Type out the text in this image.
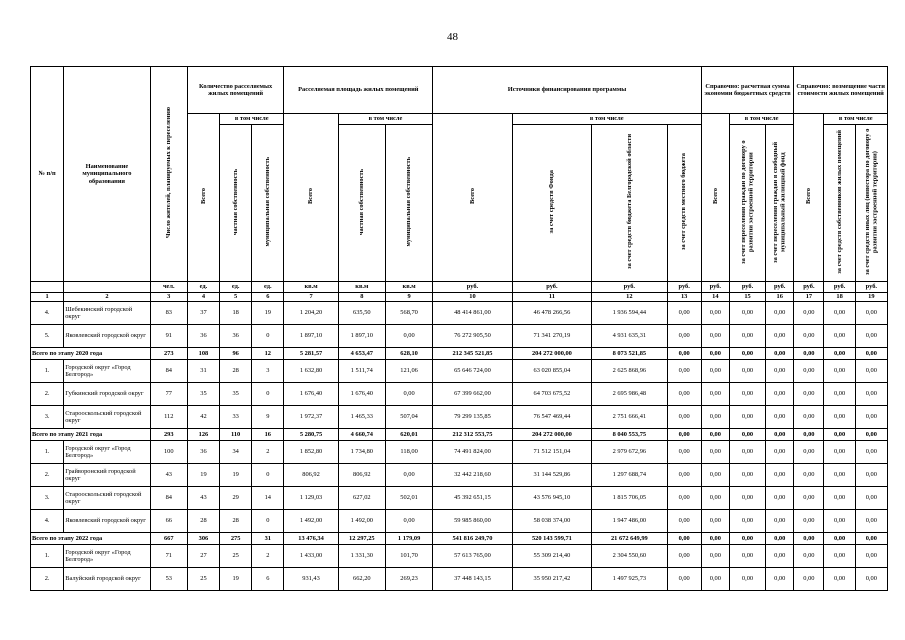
48
№ п/п	Наименование муниципального образования	Число жителей, планируемых к переселению	Количество расселяемых жилых помещений			Расселяемая площадь жилых помещений			Источники финансирования программы				Справочно: расчетная сумма экономии бюджетных средств			Справочно: возмещение части стоимости жилых помещений		
			Всего	в том числе		Всего	в том числе		Всего	в том числе			Всего	в том числе		Всего	в том числе	
				частная собственность	муниципальная собственность		частная собственность	муниципальная собственность		за счет средств Фонда	за счет средств бюджета Белгородской области	за счет средств местного бюджета		за счет переселения граждан по договору о развитии застроенной территории	за счет переселения граждан в свободный муниципальный жилищный фонд		за счет средств собственников жилых помещений	за счет средств иных лиц (инвестора по договору о развитии застроенной территории)
		чел.	ед.	ед.	ед.	кв.м	кв.м	кв.м	руб.	руб.	руб.	руб.	руб.	руб.	руб.	руб.	руб.	руб.
1	2	3	4	5	6	7	8	9	10	11	12	13	14	15	16	17	18	19
4.	Шебекинский городской округ	83	37	18	19	1 204,20	635,50	568,70	48 414 861,00	46 478 266,56	1 936 594,44	0,00	0,00	0,00	0,00	0,00	0,00	0,00
5.	Яковлевский городской округ	91	36	36	0	1 897,10	1 897,10	0,00	76 272 905,50	71 341 270,19	4 931 635,31	0,00	0,00	0,00	0,00	0,00	0,00	0,00
Всего по этапу 2020 года		273	108	96	12	5 281,57	4 653,47	628,10	212 345 521,85	204 272 000,00	8 073 521,85	0,00	0,00	0,00	0,00	0,00	0,00	0,00
1.	Городской округ «Город Белгород»	84	31	28	3	1 632,80	1 511,74	121,06	65 646 724,00	63 020 855,04	2 625 868,96	0,00	0,00	0,00	0,00	0,00	0,00	0,00
2.	Губкинский городской округ	77	35	35	0	1 676,40	1 676,40	0,00	67 399 662,00	64 703 675,52	2 695 986,48	0,00	0,00	0,00	0,00	0,00	0,00	0,00
3.	Старооскольский городской округ	112	42	33	9	1 972,37	1 465,33	507,04	79 299 135,85	76 547 469,44	2 751 666,41	0,00	0,00	0,00	0,00	0,00	0,00	0,00
Всего по этапу 2021 года		293	126	110	16	5 280,75	4 660,74	620,01	212 312 553,75	204 272 000,00	8 040 553,75	0,00	0,00	0,00	0,00	0,00	0,00	0,00
1.	Городской округ «Город Белгород»	100	36	34	2	1 852,80	1 734,80	118,00	74 491 824,00	71 512 151,04	2 979 672,96	0,00	0,00	0,00	0,00	0,00	0,00	0,00
2.	Грайворонский городской округ	43	19	19	0	806,92	806,92	0,00	32 442 218,60	31 144 529,86	1 297 688,74	0,00	0,00	0,00	0,00	0,00	0,00	0,00
3.	Старооскольский городской округ	84	43	29	14	1 129,03	627,02	502,01	45 392 651,15	43 576 945,10	1 815 706,05	0,00	0,00	0,00	0,00	0,00	0,00	0,00
4.	Яковлевский городской округ	66	28	28	0	1 492,00	1 492,00	0,00	59 985 860,00	58 038 374,00	1 947 486,00	0,00	0,00	0,00	0,00	0,00	0,00	0,00
Всего по этапу 2022 года		667	306	275	31	13 476,34	12 297,25	1 179,09	541 816 249,70	520 143 599,71	21 672 649,99	0,00	0,00	0,00	0,00	0,00	0,00	0,00
1.	Городской округ «Город Белгород»	71	27	25	2	1 433,00	1 331,30	101,70	57 613 765,00	55 309 214,40	2 304 550,60	0,00	0,00	0,00	0,00	0,00	0,00	0,00
2.	Валуйский городской округ	53	25	19	6	931,43	662,20	269,23	37 448 143,15	35 950 217,42	1 497 925,73	0,00	0,00	0,00	0,00	0,00	0,00	0,00
